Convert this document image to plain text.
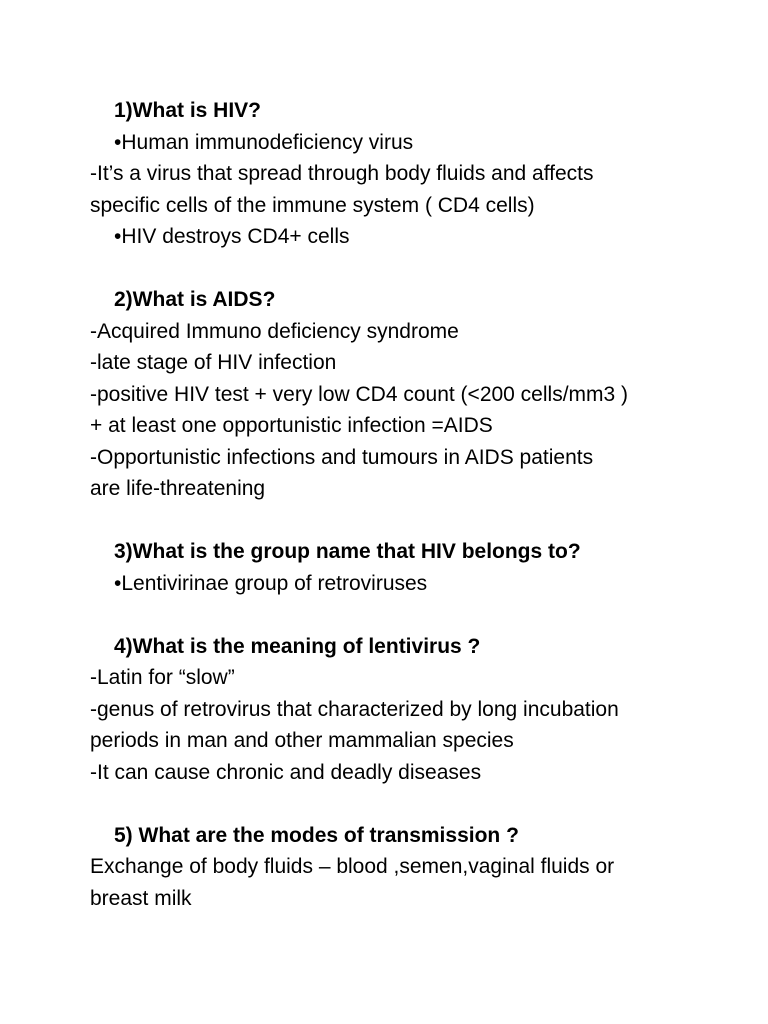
1)What is HIV?
•Human immunodeficiency virus
-It’s a virus that spread through body fluids and affects
specific cells of the immune system ( CD4 cells)
•HIV destroys CD4+ cells
2)What is AIDS?
-Acquired Immuno deficiency syndrome
-late stage of HIV infection
-positive HIV test + very low CD4 count (<200 cells/mm3 )
+ at least one opportunistic infection =AIDS
-Opportunistic infections and tumours in AIDS patients
are life-threatening
3)What is the group name that HIV belongs to?
•Lentivirinae group of retroviruses
4)What is the meaning of lentivirus ?
-Latin for “slow”
-genus of retrovirus that characterized by long incubation
periods in man and other mammalian species
-It can cause chronic and deadly diseases
5) What are the modes of transmission ?
Exchange of body fluids – blood ,semen,vaginal fluids or
breast milk
